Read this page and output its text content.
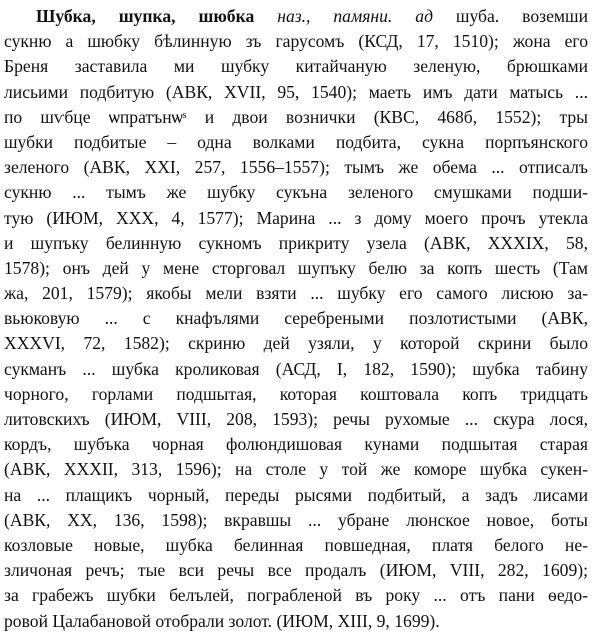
Шубка, шупка, шюбка наз., памяни. ад шуба. воземши
сукню а шюбку бѣлинную зъ гарусомъ (КСД, 17, 1510); жона его
Бреня заставила ми шубку китайчаную зеленую, брюшками
лисьими подбитую (АВК, XVII, 95, 1540); маеть имъ дати матысь ...
по шѵбце ѡпратънѡˢ и двои вознички (КВС, 468б, 1552); тры
шубки подбитые – одна волками подбита, сукна порпъянского
зеленого (АВК, XXI, 257, 1556–1557); тымъ же обема ... отписалъ
сукню ... тымъ же шубку сукъна зеленого смушками подши-
тую (ИЮМ, XXX, 4, 1577); Марина ... з дому моего прочъ утекла
и шупъку белинную сукномъ прикриту узела (АВК, XXXIX, 58,
1578); онъ дей у мене сторговал шупъку белю за копъ шесть (Там
жа, 201, 1579); якобы мели взяти ... шубку его самого лисюю за-
вьюковую ... с кнафълями серебреными позлотистыми (АВК,
XXXVI, 72, 1582); скриню дей узяли, у которой скрини было
сукманъ ... шубка кроликовая (АСД, I, 182, 1590); шубка табину
чорного, горлами подшытая, которая коштовала копъ тридцать
литовскихъ (ИЮМ, VIII, 208, 1593); речы рухомые ... скура лося,
кордъ, шубъка чорная фолюндишовая кунами подшытая старая
(АВК, XXXII, 313, 1596); на столе у той же коморе шубка сукен-
на ... плащикъ чорный, переды рысями подбитый, а задъ лисами
(АВК, XX, 136, 1598); вкравшы ... убране люнское новое, боты
козловые новые, шубка белинная повшедная, платя белого не-
зличоная речъ; тые вси речы все продалъ (ИЮМ, VIII, 282, 1609);
за грабежъ шубки белълей, пограбленой въ року ... отъ пани ѳедо-
ровой Цалабановой отобрали золот. (ИЮМ, XIII, 9, 1699).
